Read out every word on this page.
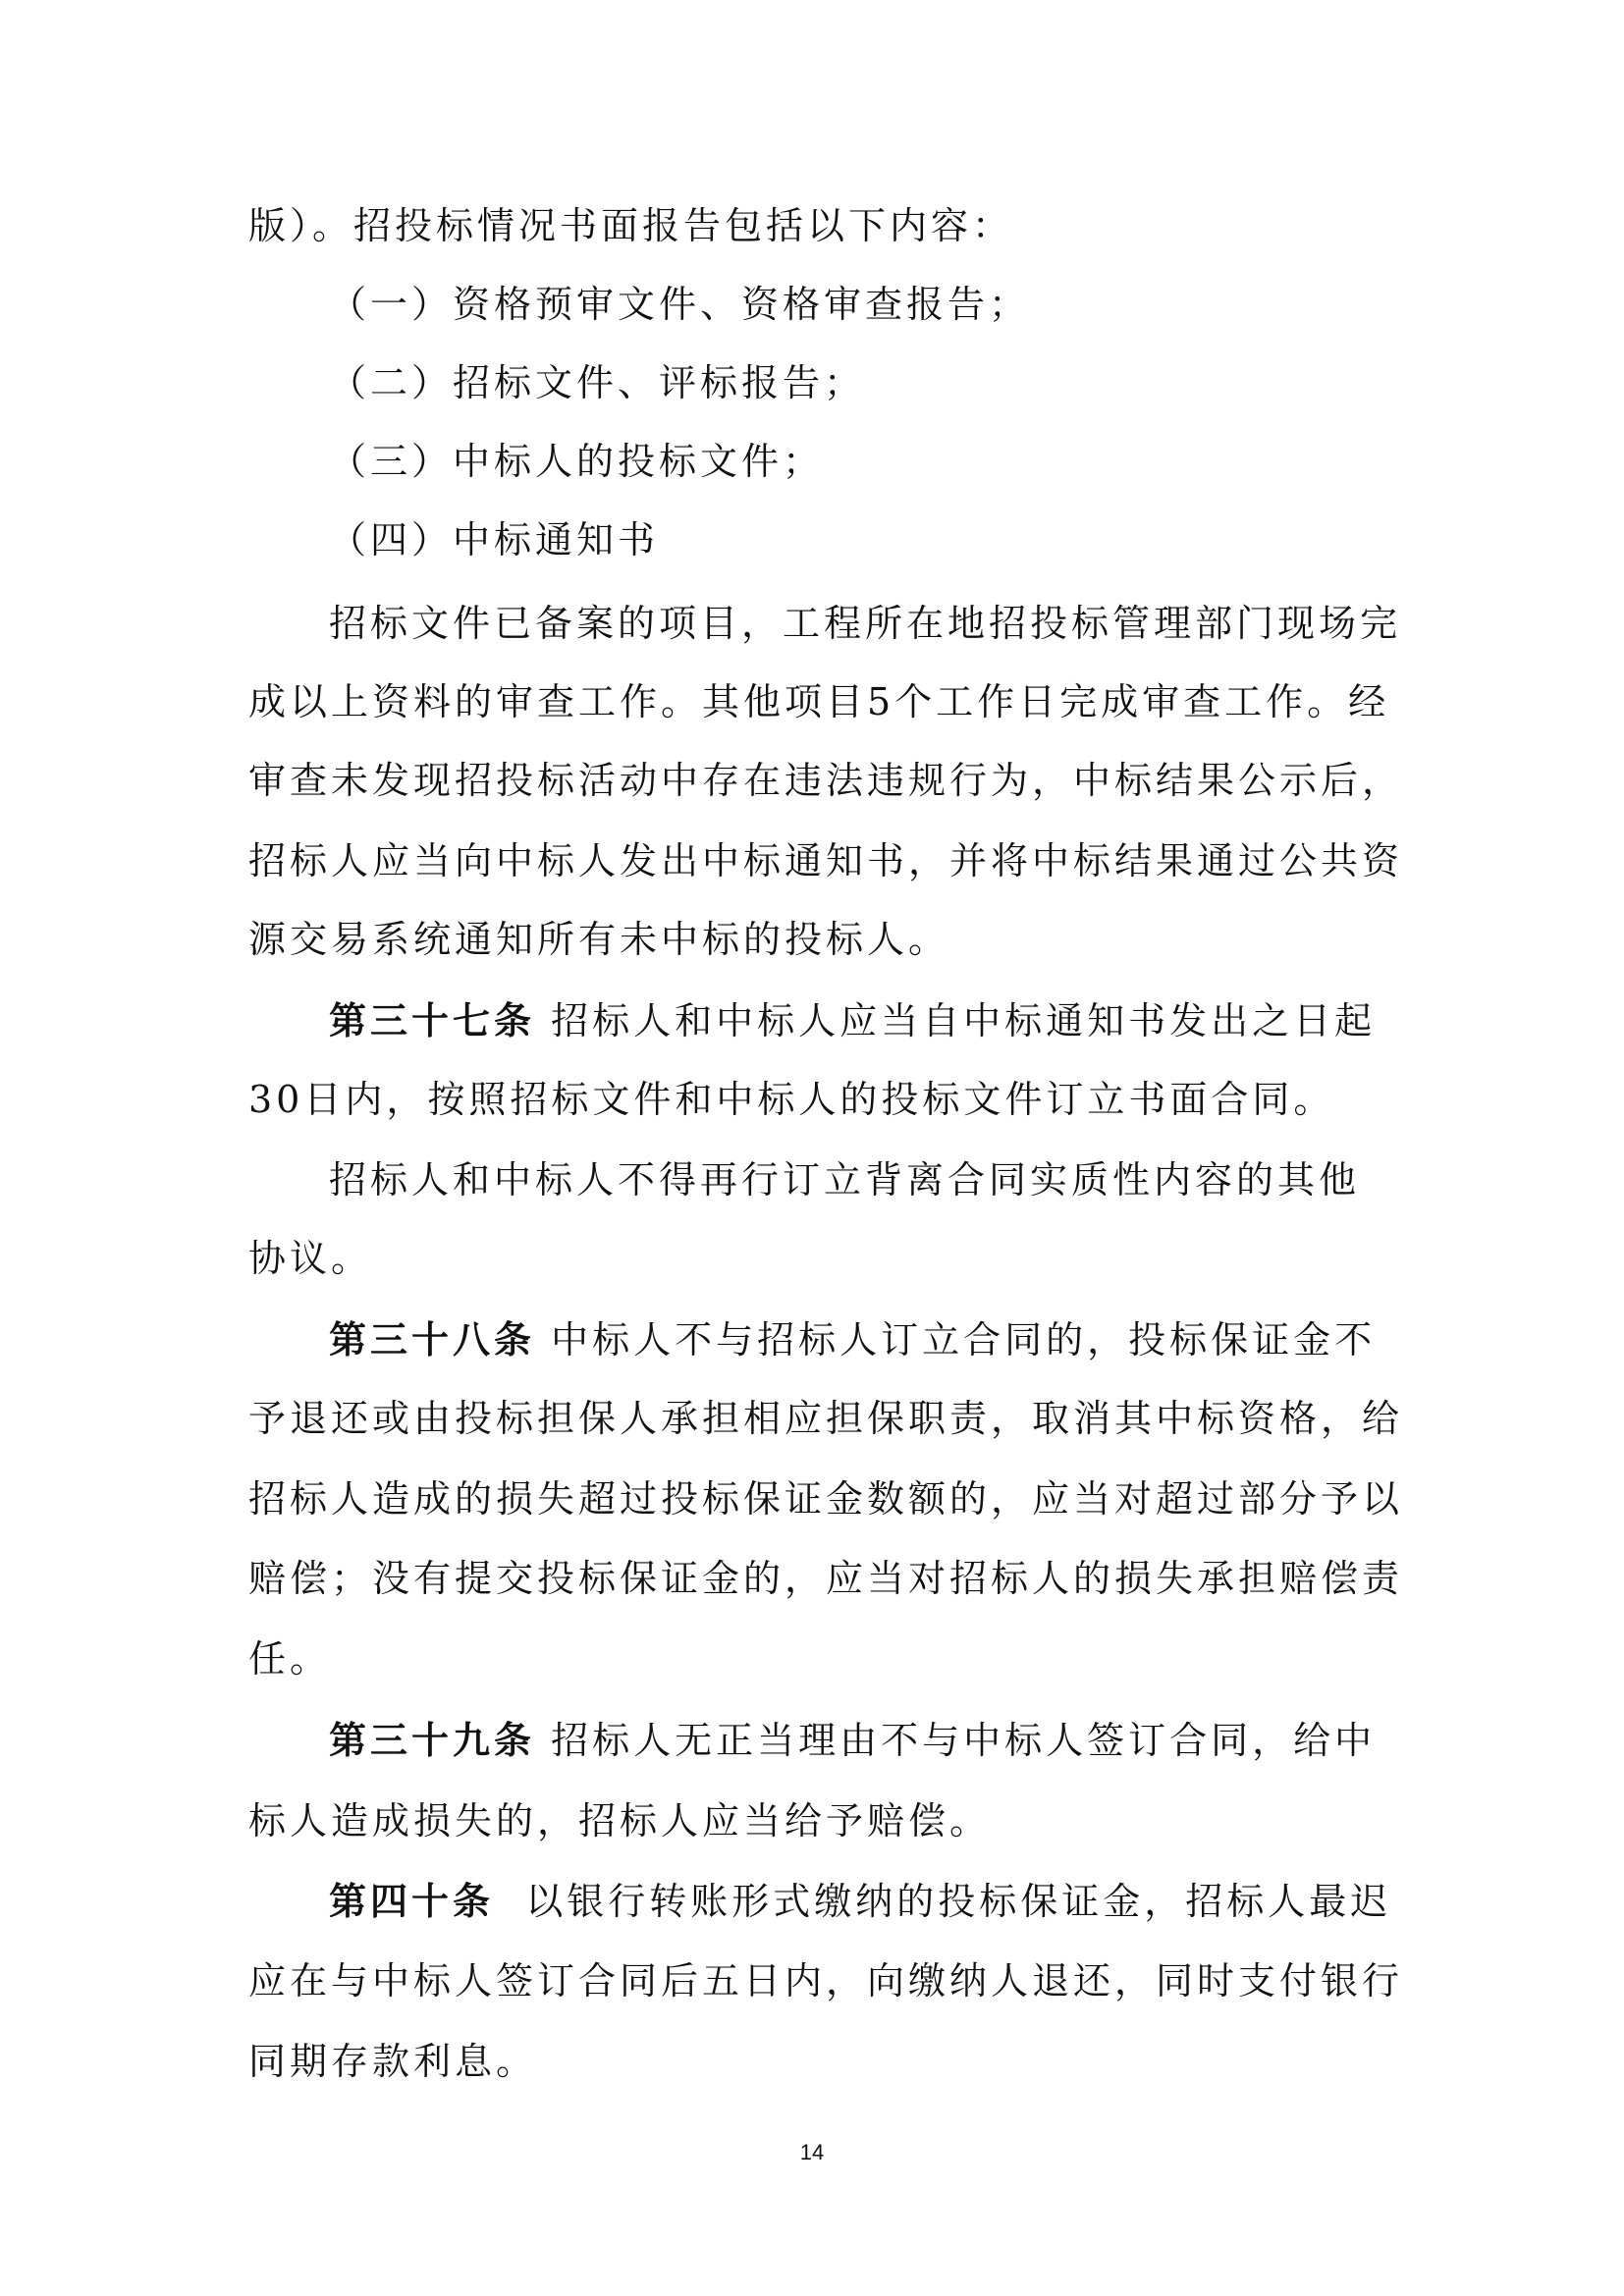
版）。招投标情况书面报告包括以下内容：
（一）资格预审文件、资格审查报告；
（二）招标文件、评标报告；
（三）中标人的投标文件；
（四）中标通知书
招标文件已备案的项目，工程所在地招投标管理部门现场完
成以上资料的审查工作。其他项目5个工作日完成审查工作。经
审查未发现招投标活动中存在违法违规行为，中标结果公示后，
招标人应当向中标人发出中标通知书，并将中标结果通过公共资
源交易系统通知所有未中标的投标人。
第三十七条 招标人和中标人应当自中标通知书发出之日起
30日内，按照招标文件和中标人的投标文件订立书面合同。
招标人和中标人不得再行订立背离合同实质性内容的其他
协议。
第三十八条 中标人不与招标人订立合同的，投标保证金不
予退还或由投标担保人承担相应担保职责，取消其中标资格，给
招标人造成的损失超过投标保证金数额的，应当对超过部分予以
赔偿；没有提交投标保证金的，应当对招标人的损失承担赔偿责
任。
第三十九条 招标人无正当理由不与中标人签订合同，给中
标人造成损失的，招标人应当给予赔偿。
第四十条  以银行转账形式缴纳的投标保证金，招标人最迟
应在与中标人签订合同后五日内，向缴纳人退还，同时支付银行
同期存款利息。
14
